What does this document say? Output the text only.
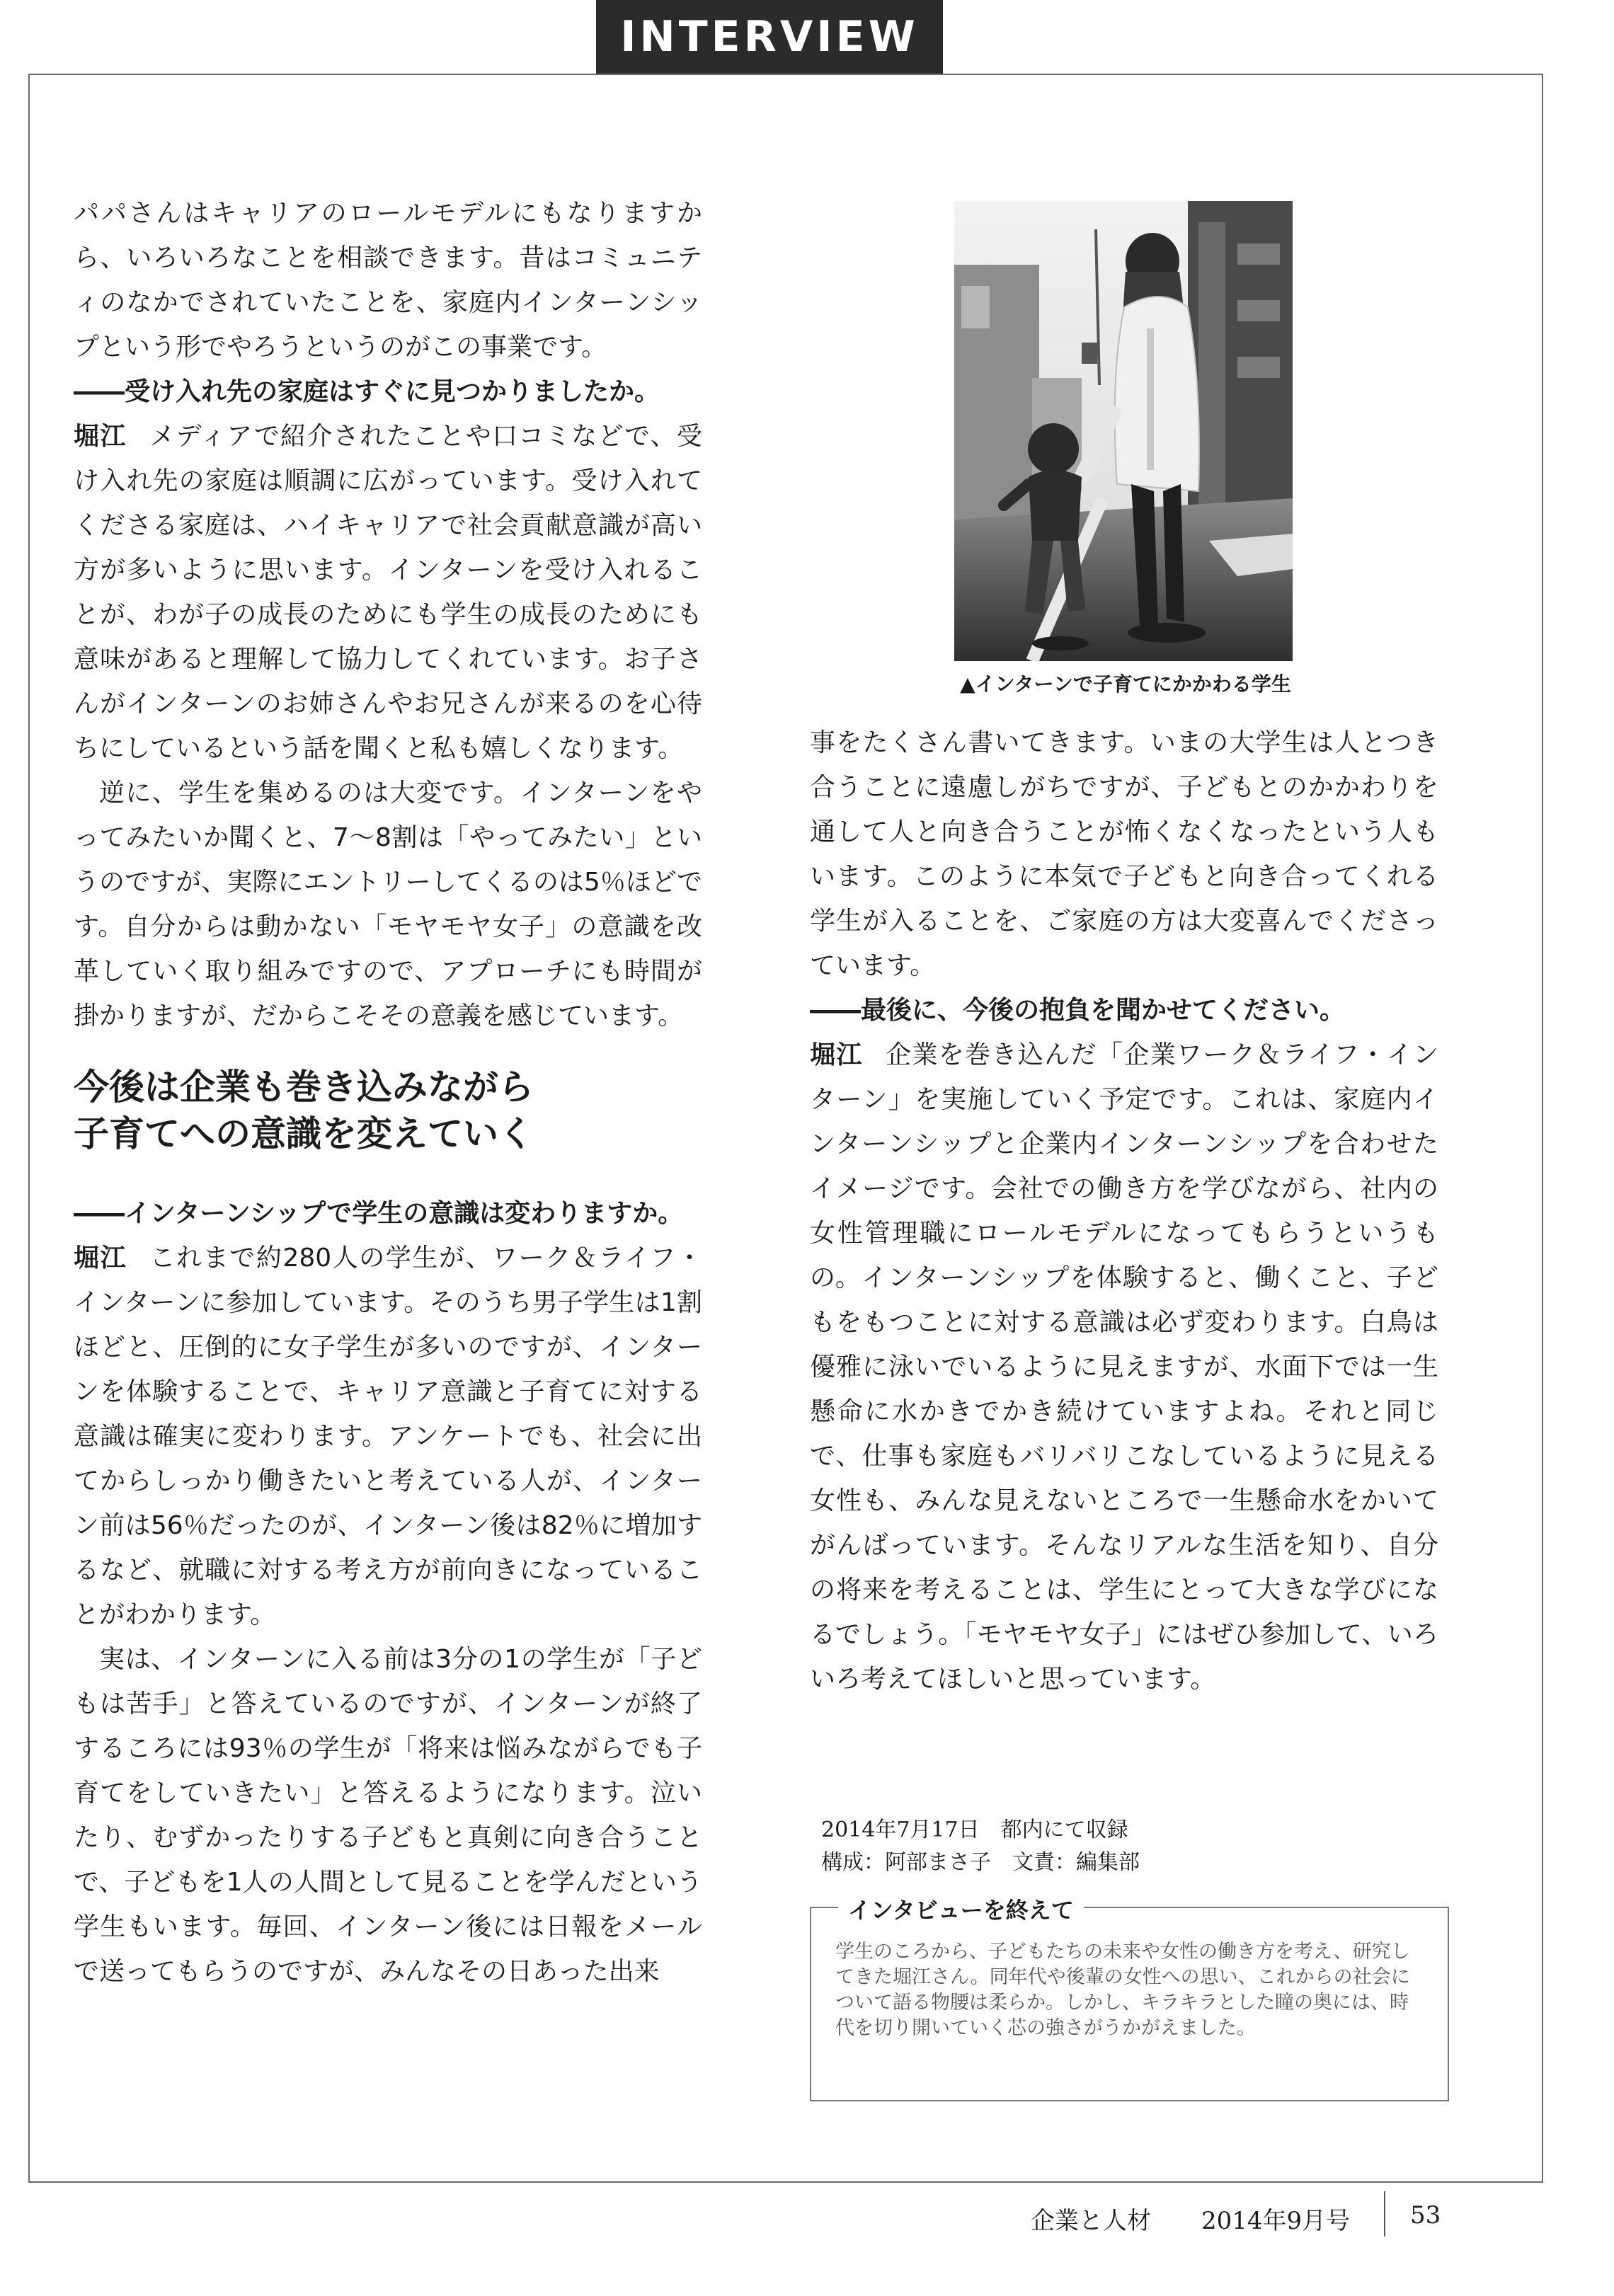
INTERVIEW

パパさんはキャリアのロールモデルにもなりますから、いろいろなことを相談できます。昔はコミュニティのなかでされていたことを、家庭内インターンシップという形でやろうというのがこの事業です。

――受け入れ先の家庭はすぐに見つかりましたか。

堀江 メディアで紹介されたことや口コミなどで、受け入れ先の家庭は順調に広がっています。受け入れてくださる家庭は、ハイキャリアで社会貢献意識が高い方が多いように思います。インターンを受け入れることが、わが子の成長のためにも学生の成長のためにも意味があると理解して協力してくれています。お子さんがインターンのお姉さんやお兄さんが来るのを心待ちにしているという話を聞くと私も嬉しくなります。

逆に、学生を集めるのは大変です。インターンをやってみたいか聞くと、7～8割は「やってみたい」というのですが、実際にエントリーしてくるのは5％ほどです。自分からは動かない「モヤモヤ女子」の意識を改革していく取り組みですので、アプローチにも時間が掛かりますが、だからこそその意義を感じています。

今後は企業も巻き込みながら
子育てへの意識を変えていく

――インターンシップで学生の意識は変わりますか。

堀江 これまで約280人の学生が、ワーク＆ライフ・インターンに参加しています。そのうち男子学生は1割ほどと、圧倒的に女子学生が多いのですが、インターンを体験することで、キャリア意識と子育てに対する意識は確実に変わります。アンケートでも、社会に出てからしっかり働きたいと考えている人が、インターン前は56％だったのが、インターン後は82％に増加するなど、就職に対する考え方が前向きになっていることがわかります。

実は、インターンに入る前は3分の1の学生が「子どもは苦手」と答えているのですが、インターンが終了するころには93％の学生が「将来は悩みながらでも子育てをしていきたい」と答えるようになります。泣いたり、むずかったりする子どもと真剣に向き合うことで、子どもを1人の人間として見ることを学んだという学生もいます。毎回、インターン後には日報をメールで送ってもらうのですが、みんなその日あった出来

▲インターンで子育てにかかわる学生

事をたくさん書いてきます。いまの大学生は人とつき合うことに遠慮しがちですが、子どもとのかかわりを通して人と向き合うことが怖くなくなったという人もいます。このように本気で子どもと向き合ってくれる学生が入ることを、ご家庭の方は大変喜んでくださっています。

――最後に、今後の抱負を聞かせてください。

堀江 企業を巻き込んだ「企業ワーク＆ライフ・インターン」を実施していく予定です。これは、家庭内インターンシップと企業内インターンシップを合わせたイメージです。会社での働き方を学びながら、社内の女性管理職にロールモデルになってもらうというもの。インターンシップを体験すると、働くこと、子どもをもつことに対する意識は必ず変わります。白鳥は優雅に泳いでいるように見えますが、水面下では一生懸命に水かきでかき続けていますよね。それと同じで、仕事も家庭もバリバリこなしているように見える女性も、みんな見えないところで一生懸命水をかいてがんばっています。そんなリアルな生活を知り、自分の将来を考えることは、学生にとって大きな学びになるでしょう。「モヤモヤ女子」にはぜひ参加して、いろいろ考えてほしいと思っています。

2014年7月17日　都内にて収録
構成：阿部まさ子　文責：編集部
インタビューを終えて
学生のころから、子どもたちの未来や女性の働き方を考え、研究してきた堀江さん。同年代や後輩の女性への思い、これからの社会について語る物腰は柔らか。しかし、キラキラとした瞳の奥には、時代を切り開いていく芯の強さがうかがえました。
企業と人材 2014年9月号 53
